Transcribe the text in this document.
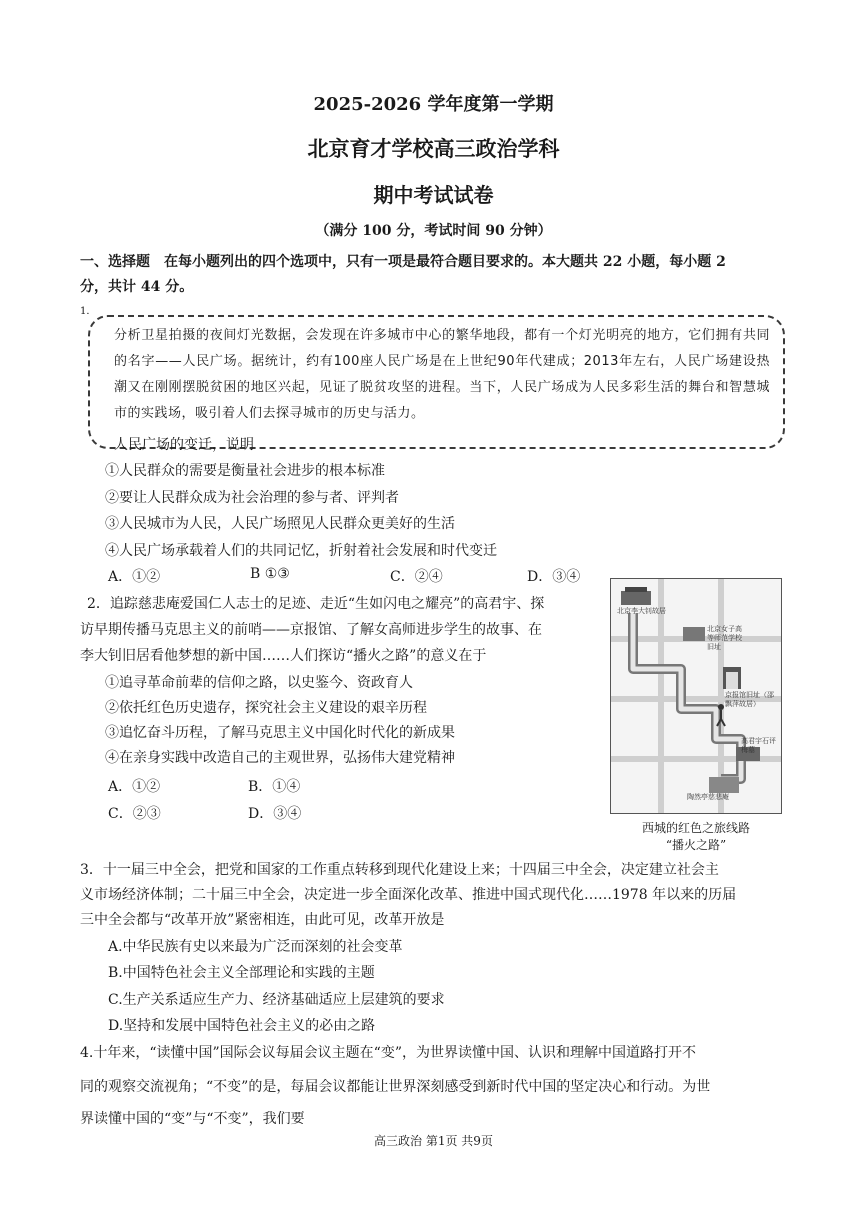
2025-2026 学年度第一学期
北京育才学校高三政治学科
期中考试试卷
（满分 100 分，考试时间 90 分钟）
一、选择题　在每小题列出的四个选项中，只有一项是最符合题目要求的。本大题共 22 小题，每小题 2
分，共计 44 分。
1．
分析卫星拍摄的夜间灯光数据，会发现在许多城市中心的繁华地段，都有一个灯光明亮的地方，它们拥有共同的名字——人民广场。据统计，约有100座人民广场是在上世纪90年代建成；2013年左右，人民广场建设热潮又在刚刚摆脱贫困的地区兴起，见证了脱贫攻坚的进程。当下，人民广场成为人民多彩生活的舞台和智慧城市的实践场，吸引着人们去探寻城市的历史与活力。
人民广场的变迁，说明
①人民群众的需要是衡量社会进步的根本标准
②要让人民群众成为社会治理的参与者、评判者
③人民城市为人民，人民广场照见人民群众更美好的生活
④人民广场承载着人们的共同记忆，折射着社会发展和时代变迁
A．①②	B ①③	C．②④	D．③④
2．追踪慈悲庵爱国仁人志士的足迹、走近“生如闪电之耀亮”的高君宇、探
访早期传播马克思主义的前哨——京报馆、了解女高师进步学生的故事、在
李大钊旧居看他梦想的新中国……人们探访“播火之路”的意义在于
①追寻革命前辈的信仰之路，以史鉴今、资政育人
②依托红色历史遗存，探究社会主义建设的艰辛历程
③追忆奋斗历程，了解马克思主义中国化时代化的新成果
④在亲身实践中改造自己的主观世界，弘扬伟大建党精神
A．①②	B．①④
C．②③	D．③④
北京李大钊故居
北京女子高等师范学校旧址
京报馆旧址（邵飘萍故居）
高君宇石评梅墓
陶然亭慈悲庵
西城的红色之旅线路
“播火之路”
3．十一届三中全会，把党和国家的工作重点转移到现代化建设上来；十四届三中全会，决定建立社会主
义市场经济体制；二十届三中全会，决定进一步全面深化改革、推进中国式现代化……1978 年以来的历届
三中全会都与“改革开放”紧密相连，由此可见，改革开放是
A.中华民族有史以来最为广泛而深刻的社会变革
B.中国特色社会主义全部理论和实践的主题
C.生产关系适应生产力、经济基础适应上层建筑的要求
D.坚持和发展中国特色社会主义的必由之路
4.十年来，“读懂中国”国际会议每届会议主题在“变”，为世界读懂中国、认识和理解中国道路打开不
同的观察交流视角；“不变”的是，每届会议都能让世界深刻感受到新时代中国的坚定决心和行动。为世
界读懂中国的“变”与“不变”，我们要
高三政治 第1页 共9页
